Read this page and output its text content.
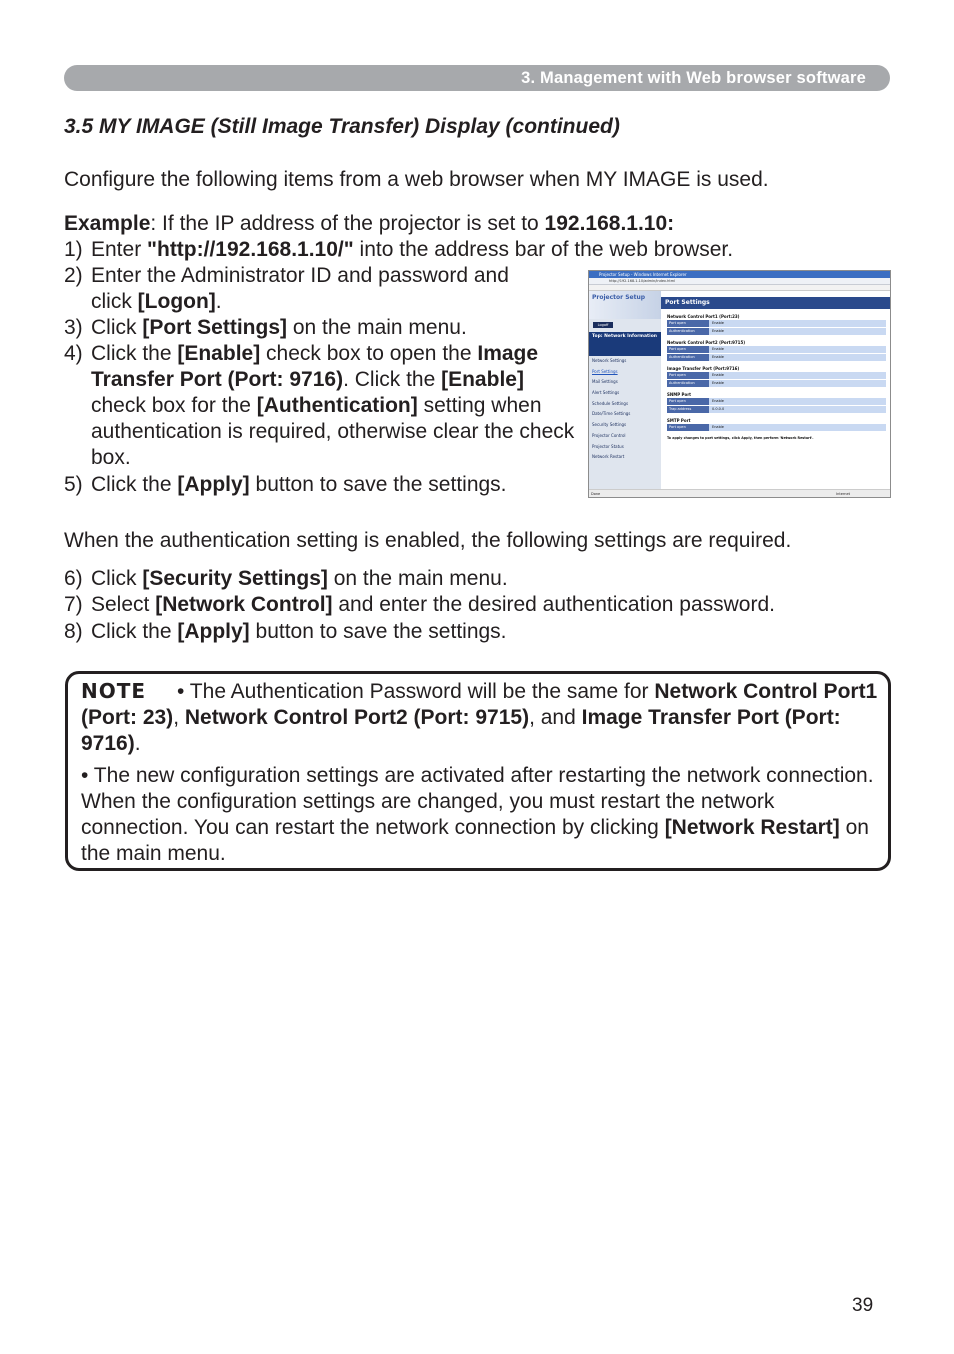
3. Management with Web browser software
3.5 MY IMAGE (Still Image Transfer) Display (continued)
Configure the following items from a web browser when MY IMAGE is used.
Example: If the IP address of the projector is set to 192.168.1.10:
1) Enter "http://192.168.1.10/" into the address bar of the web browser.
2) Enter the Administrator ID and password and click [Logon].
3) Click [Port Settings] on the main menu.
4) Click the [Enable] check box to open the Image Transfer Port (Port: 9716). Click the [Enable] check box for the [Authentication] setting when authentication is required, otherwise clear the check box.
5) Click the [Apply] button to save the settings.
Projector Setup - Windows Internet Explorer
http://192.168.1.10/admin/index.html
Projector Setup
Logoff
Top: Network Information
Network Settings
Port Settings
Mail Settings
Alert Settings
Schedule Settings
Date/Time Settings
Security Settings
Projector Control
Projector Status
Network Restart
Port Settings
Network Control Port1 (Port:23)
Port open	Enable
Authentication	Enable
Network Control Port2 (Port:9715)
Port open	Enable
Authentication	Enable
Image Transfer Port (Port:9716)
Port open	Enable
Authentication	Enable
SNMP Port
Port open	Enable
Trap address	0.0.0.0
SMTP Port
Port open	Enable
To apply changes to port settings, click Apply, then perform 'Network Restart'.
Done	Internet
When the authentication setting is enabled, the following settings are required.
6) Click [Security Settings] on the main menu.
7) Select [Network Control] and enter the desired authentication password.
8) Click the [Apply] button to save the settings.
NOTE • The Authentication Password will be the same for Network Control Port1 (Port: 23), Network Control Port2 (Port: 9715), and Image Transfer Port (Port: 9716).
• The new configuration settings are activated after restarting the network connection. When the configuration settings are changed, you must restart the network connection. You can restart the network connection by clicking [Network Restart] on the main menu.
39
